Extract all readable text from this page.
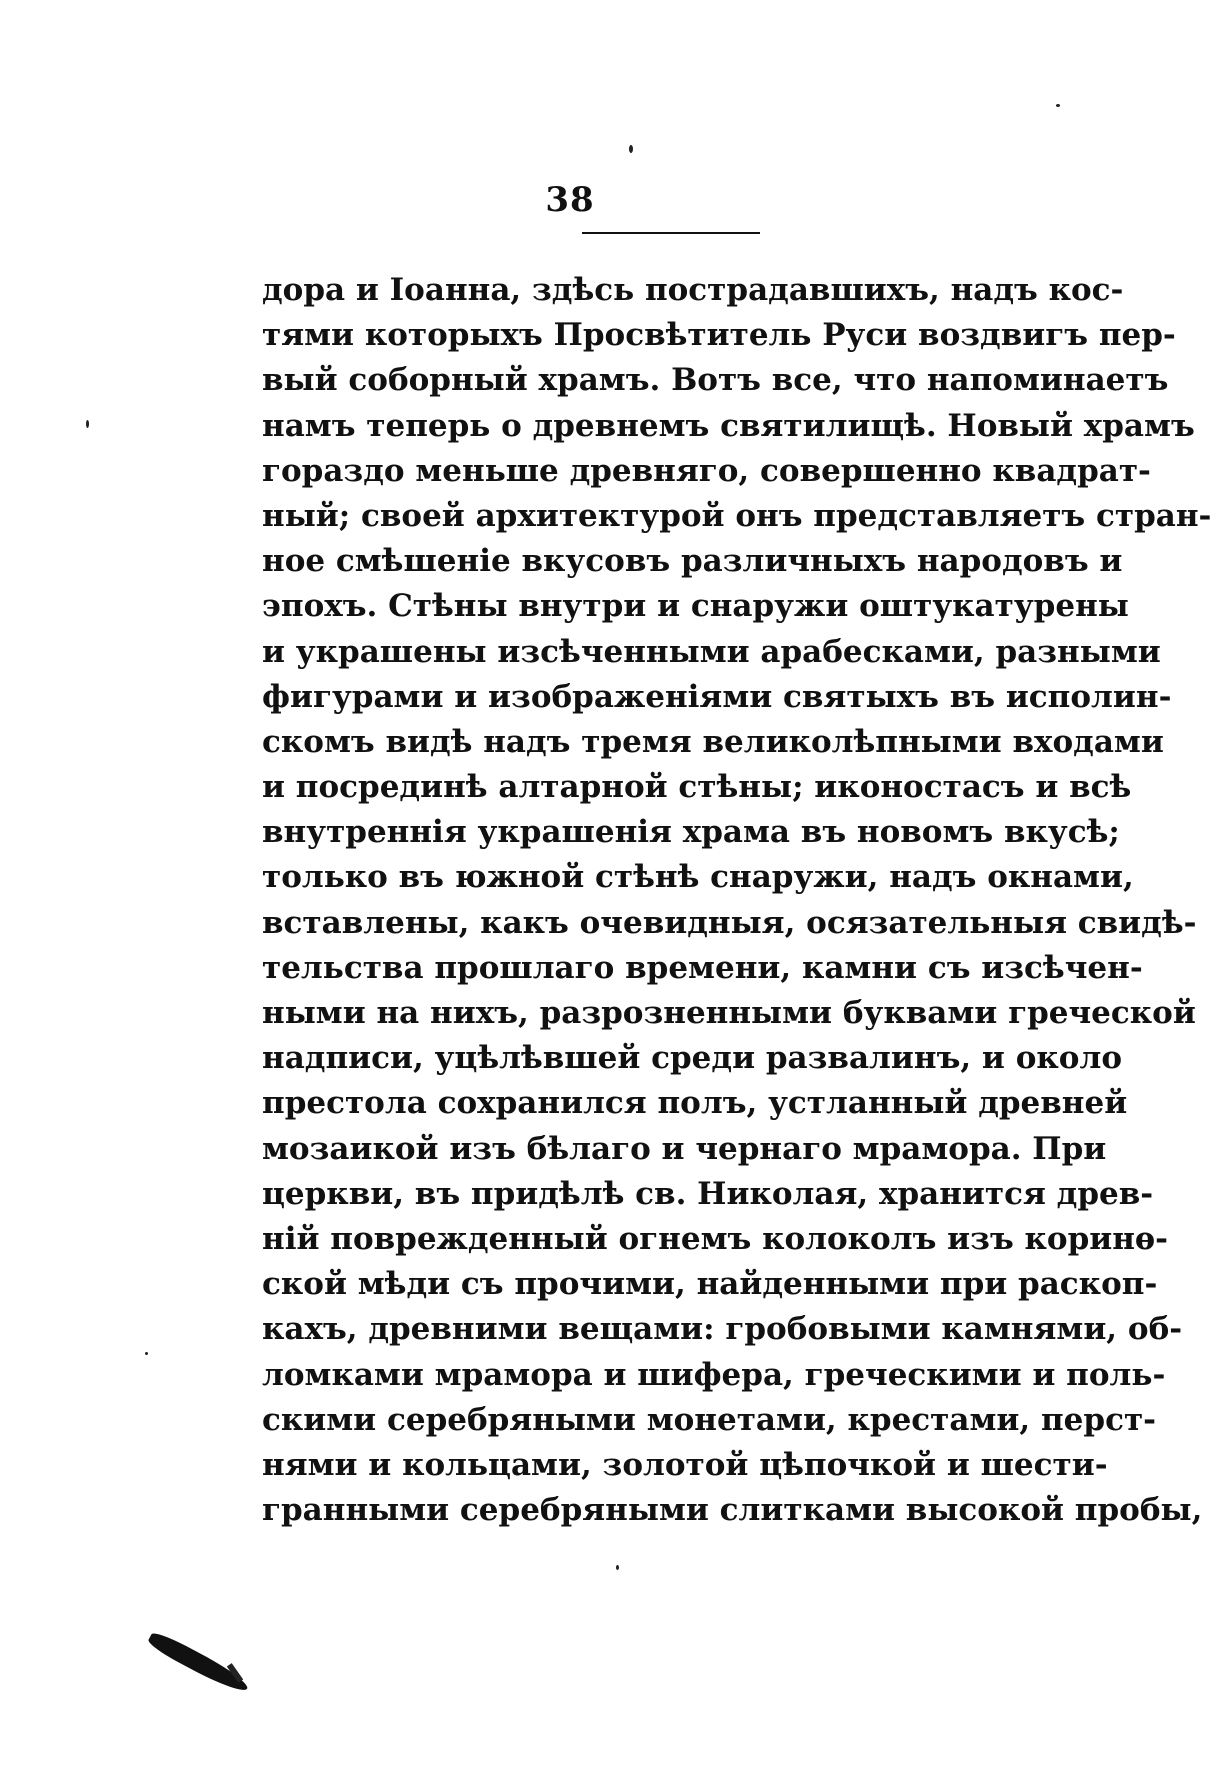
38
дора и Іоанна, здѣсь пострадавшихъ, надъ кос-
тями которыхъ Просвѣтитель Руси воздвигъ пер-
вый соборный храмъ. Вотъ все, что напоминаетъ
намъ теперь о древнемъ святилищѣ. Новый храмъ
гораздо меньше древняго, совершенно квадрат-
ный; своей архитектурой онъ представляетъ стран-
ное смѣшеніе вкусовъ различныхъ народовъ и
эпохъ. Стѣны внутри и снаружи оштукатурены
и украшены изсѣченными арабесками, разными
фигурами и изображеніями святыхъ въ исполин-
скомъ видѣ надъ тремя великолѣпными входами
и посрединѣ алтарной стѣны; иконостасъ и всѣ
внутреннія украшенія храма въ новомъ вкусѣ;
только въ южной стѣнѣ снаружи, надъ окнами,
вставлены, какъ очевидныя, осязательныя свидѣ-
тельства прошлаго времени, камни съ изсѣчен-
ными на нихъ, разрозненными буквами греческой
надписи, уцѣлѣвшей среди развалинъ, и около
престола сохранился полъ, устланный древней
мозаикой изъ бѣлаго и чернаго мрамора. При
церкви, въ придѣлѣ св. Николая, хранится древ-
ній поврежденный огнемъ колоколъ изъ коринѳ-
ской мѣди съ прочими, найденными при раскоп-
кахъ, древними вещами: гробовыми камнями, об-
ломками мрамора и шифера, греческими и поль-
скими серебряными монетами, крестами, перст-
нями и кольцами, золотой цѣпочкой и шести-
гранными серебряными слитками высокой пробы,
